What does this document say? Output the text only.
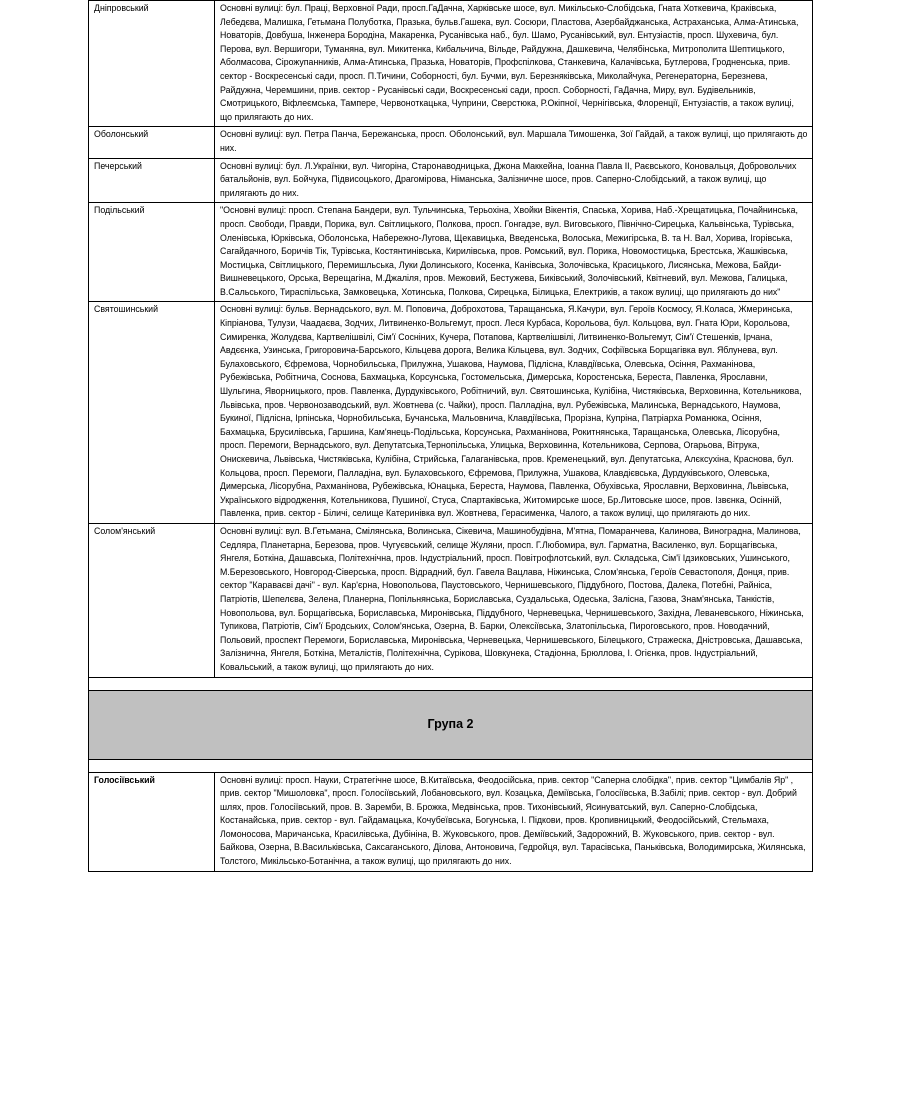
Дніпровський	Основні вулиці: бул. Праці, Верховної Ради, просп.ГаДачна, Харківське шосе, вул. Микільсько-Слобідська, Гната Хоткевича, Краківська, Лебедєва, Малишка, Гетьмана Полуботка, Празька, бульв.Гашека, вул. Сосюри, Пластова, Азербайджанська, Астраханська, Алма-Атинська, Новаторів, Довбуша, Інженера Бородіна, Макаренка, Русанівська наб., бул. Шамо, Русанівський, вул. Ентузіастів, просп. Шухевича, бул. Перова, вул. Вершигори, Туманяна, вул. Микитенка, Кибальчича, Вільде, Райдужна, Дашкевича, Челябінська, Митрополита Шептицького, Аболмасова, Сірожупанників, Алма-Атинська, Празька, Новаторів, Профспілкова, Станкевича, Калачівська, Бутлерова, Гродненська, прив. сектор - Воскресенські сади, просп. П.Тичини, Соборності, бул. Бучми, вул. Березняківська, Миколайчука, Регенераторна, Березнева, Райдужна, Черемшини, прив. сектор - Русанівські сади, Воскресенські сади, просп. Соборності, ГаДачна, Миру, вул. Будівельників, Смотрицького, Віфлеємська, Тампере, Червоноткацька, Чуприни, Сверстюка, Р.Окіпної, Чернігівська, Флоренції, Ентузіастів, а також вулиці, що прилягають до них.
Оболонський	Основні вулиці: вул. Петра Панча, Бережанська, просп. Оболонський, вул. Маршала Тимошенка, Зої Гайдай, а також вулиці, що прилягають до них.
Печерський	Основні вулиці: бул. Л.Українки, вул. Чигоріна, Старонаводницька, Джона Маккейна, Іоанна Павла ІІ, Раєвського, Коновальця, Добровольчих батальйонів, вул. Бойчука, Підвисоцького, Драгомірова, Німанська, Залізничне шосе, пров. Саперно-Слобідський, а також вулиці, що прилягають до них.
Подільський	"Основні вулиці: просп. Степана Бандери, вул. Тульчинська, Терьохіна, Хвойки Вікентія, Спаська, Хорива, Наб.-Хрещатицька, Почайнинська, просп. Свободи, Правди, Порика, вул. Світлицького, Полкова, просп. Гонгадзе, вул. Виговського, Північно-Сирецька, Кальвінська, Турівська, Оленівська, Юрківська, Оболонська, Набережно-Лугова, Щекавицька, Введенська, Волоська, Межигірська, В. та Н. Вал, Хорива, Ігорівська, Сагайдачного, Боричів Тік, Турівська, Костянтинівська, Кирилівська, пров. Ромський, вул. Порика, Новомостицька, Брестська, Жашківська, Мостицька, Світлицького, Перемишльська, Луки Долинського, Косенка, Канівська, Золочівська, Красицького, Лисянська, Межова, Байди-Вишневецького, Орська, Верещагіна, М.Джаліля, пров. Межовий, Бестужева, Биківський, Золочівський, Квітневий, вул. Межова, Галицька, В.Сальського, Тираспільська, Замковецька, Хотинська, Полкова, Сирецька, Білицька, Електриків, а також вулиці, що прилягають до них"
Святошинський	Основні вулиці: бульв. Вернадського, вул. М. Поповича, Доброхотова, Таращанська, Я.Качури, вул. Героїв Космосу, Я.Коласа, Жмеринська, Кіпріанова, Тулузи, Чаадаєва, Зодчих, Литвиненко-Вольгемут, просп. Леся Курбаса, Корольова, бул. Кольцова, вул. Гната Юри, Корольова, Симиренка, Жолудєва, Картвелішвілі, Сім'ї Сосніних, Кучера, Потапова, Картвелішвілі, Литвиненко-Вольгемут, Сім'ї Стешенків, Ірчана, Авдєєнка, Узинська, Григоровича-Барського, Кільцева дорога, Велика Кільцева, вул. Зодчих, Софіївська Борщагівка вул. Яблунева, вул. Булаховського, Єфремова, Чорнобильська, Прилужна, Ушакова, Наумова, Підлісна, Клавдіївська, Олевська, Осіння, Рахманінова, Рубежівська, Робітнича, Соснова, Бахмацька, Корсунська, Гостомельська, Димерська, Коростенська, Береста, Павленка, Ярославни, Шульгина, Яворницького, пров. Павленка, Дурдуківського, Робітничий, вул. Святошинська, Кулібіна, Чистяківська, Верховинна, Котельникова, Львівська, пров. Червонозаводський, вул. Жовтнева (с. Чайки), просп. Палладіна, вул. Рубежівська, Малинська, Вернадського, Наумова, Букиної, Підлісна, Ірпінська, Чорнобильська, Бучанська, Мальовнича, Клавдіївська, Прорізна, Купріна, Патріарха Романюка, Осіння, Бахмацька, Брусилівська, Гаршина, Кам'янець-Подільська, Корсунська, Рахманінова, Рокитнянська, Таращанська, Олевська, Лісорубна, просп. Перемоги, Вернадського, вул. Депутатська,Тернопільська, Улицька, Верховинна, Котельникова, Серпова, Огарьова, Вітрука, Онискевича, Львівська, Чистяківська, Кулібіна, Стрийська, Галаганівська, пров. Кременецький, вул. Депутатська, Алєксухіна, Краснова, бул. Кольцова, просп. Перемоги, Палладіна, вул. Булаховського, Єфремова, Прилужна, Ушакова, Клавдієвська, Дурдуківського, Олевська, Димерська, Лісорубна, Рахманінова, Рубежівська, Юнацька, Береста, Наумова, Павленка, Обухівська, Ярославни, Верховинна, Львівська, Українського відродження, Котельникова, Пушиної, Стуса, Спартаківська, Житомирське шосе, Бр.Литовське шосе, пров. Ізвєнка, Осінній, Павленка, прив. сектор - Біличі, селище Катеринівка вул. Жовтнева, Герасименка, Чалого, а також вулиці, що прилягають до них.
Солом'янський	Основні вулиці: вул. В.Гетьмана, Смілянська, Волинська, Сікевича, Машинобудівна, М'ятна, Помаранчева, Калинова, Виноградна, Малинова, Седляра, Планетарна, Березова, пров. Чугуєвський, селище Жуляни, просп. Г.Любомира, вул. Гарматна, Василенко, вул. Борщагівська, Янгеля, Боткіна, Дашавська, Політехнічна, пров. Індустріальний, просп. Повітрофлотський, вул. Складська, Сім'ї Ідзиковських, Ушинського, М.Березовського, Новгород-Сіверська, просп. Відрадний, бул. Гавела Вацлава, Ніжинська, Слом'янська, Героїв Севастополя, Донця, прив. сектор "Караваєві дачі" - вул. Кар'єрна, Новопольова, Паустовського, Чернишевського, Піддубного, Постова, Далека, Потебні, Райніса, Патріотів, Шепелєва, Зелена, Планерна, Попільнянська, Бориславська, Суздальська, Одеська, Залісна, Газова, Знам'янська, Танкістів, Новопольова, вул. Борщагівська, Бориславська, Миронівська, Піддубного, Черневецька, Чернишевського, Західна, Леваневського, Ніжинська, Тупикова, Патріотів, Сім'ї Бродських, Солом'янська, Озерна, В. Барки, Олексіївська, Златопільська, Пироговського, пров. Новодачний, Польовий, проспект Перемоги, Бориславська, Миронівська, Черневецька, Чернишевського, Білецького, Стражеска, Дністровська, Дашавська, Залізнична, Янгеля, Боткіна, Металістів, Політехнічна, Сурікова, Шовкунека, Стадіонна, Брюллова, І. Огієнка, пров. Індустріальний, Ковальський, а також вулиці, що прилягають до них.

Група 2	

Голосіївський	Основні вулиці: просп. Науки, Стратегічне шосе, В.Китаївська, Феодосійська, прив. сектор "Саперна слобідка", прив. сектор "Цимбалів Яр" , прив. сектор "Мишоловка", просп. Голосіївський, Лобановського, вул. Козацька, Деміївська, Голосіївська, В.Забілі; прив. сектор - вул. Добрий шлях, пров. Голосіївський, пров. В. Заремби, В. Брожка, Медвінська, пров. Тихонівський, Ясинуватський, вул. Саперно-Слобідська, Костанайська, прив. сектор - вул. Гайдамацька, Кочубеївська, Богунська, І. Підкови, пров. Кропивницький, Феодосійський, Стельмаха, Ломоносова, Маричанська, Красилівська, Дубініна, В. Жуковського, пров. Деміївський, Задорожний, В. Жуковського, прив. сектор - вул. Байкова, Озерна, В.Васильківська, Саксаганського, Ділова, Антоновича, Гедройця, вул. Тарасівська, Паньківська, Володимирська, Жилянська, Толстого, Микільсько-Ботанічна, а також вулиці, що прилягають до них.
